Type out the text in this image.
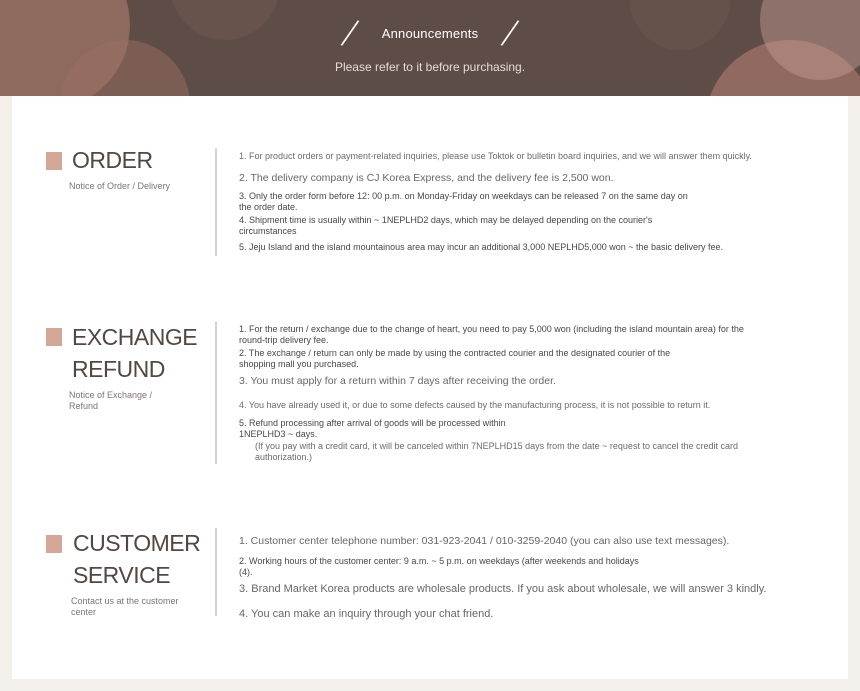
Announcements
Please refer to it before purchasing.
ORDER
Notice of Order / Delivery
1. For product orders or payment-related inquiries, please use Toktok or bulletin board inquiries, and we will answer them quickly.
2. The delivery company is CJ Korea Express, and the delivery fee is 2,500 won.
3. Only the order form before 12: 00 p.m. on Monday-Friday on weekdays can be released 7 on the same day on the order date.
4. Shipment time is usually within ~ 1NEPLHD2 days, which may be delayed depending on the courier's circumstances
5. Jeju Island and the island mountainous area may incur an additional 3,000 NEPLHD5,000 won ~ the basic delivery fee.
EXCHANGE
REFUND
Notice of Exchange / Refund
1. For the return / exchange due to the change of heart, you need to pay 5,000 won (including the island mountain area) for the round-trip delivery fee.
2. The exchange / return can only be made by using the contracted courier and the designated courier of the shopping mall you purchased.
3. You must apply for a return within 7 days after receiving the order.
4. You have already used it, or due to some defects caused by the manufacturing process, it is not possible to return it.
5. Refund processing after arrival of goods will be processed within 1NEPLHD3 ~ days.
(If you pay with a credit card, it will be canceled within 7NEPLHD15 days from the date ~ request to cancel the credit card authorization.)
CUSTOMER
SERVICE
Contact us at the customer center
1. Customer center telephone number: 031-923-2041 / 010-3259-2040 (you can also use text messages).
2. Working hours of the customer center: 9 a.m. ~ 5 p.m. on weekdays (after weekends and holidays (4).
3. Brand Market Korea products are wholesale products. If you ask about wholesale, we will answer 3 kindly.
4. You can make an inquiry through your chat friend.
